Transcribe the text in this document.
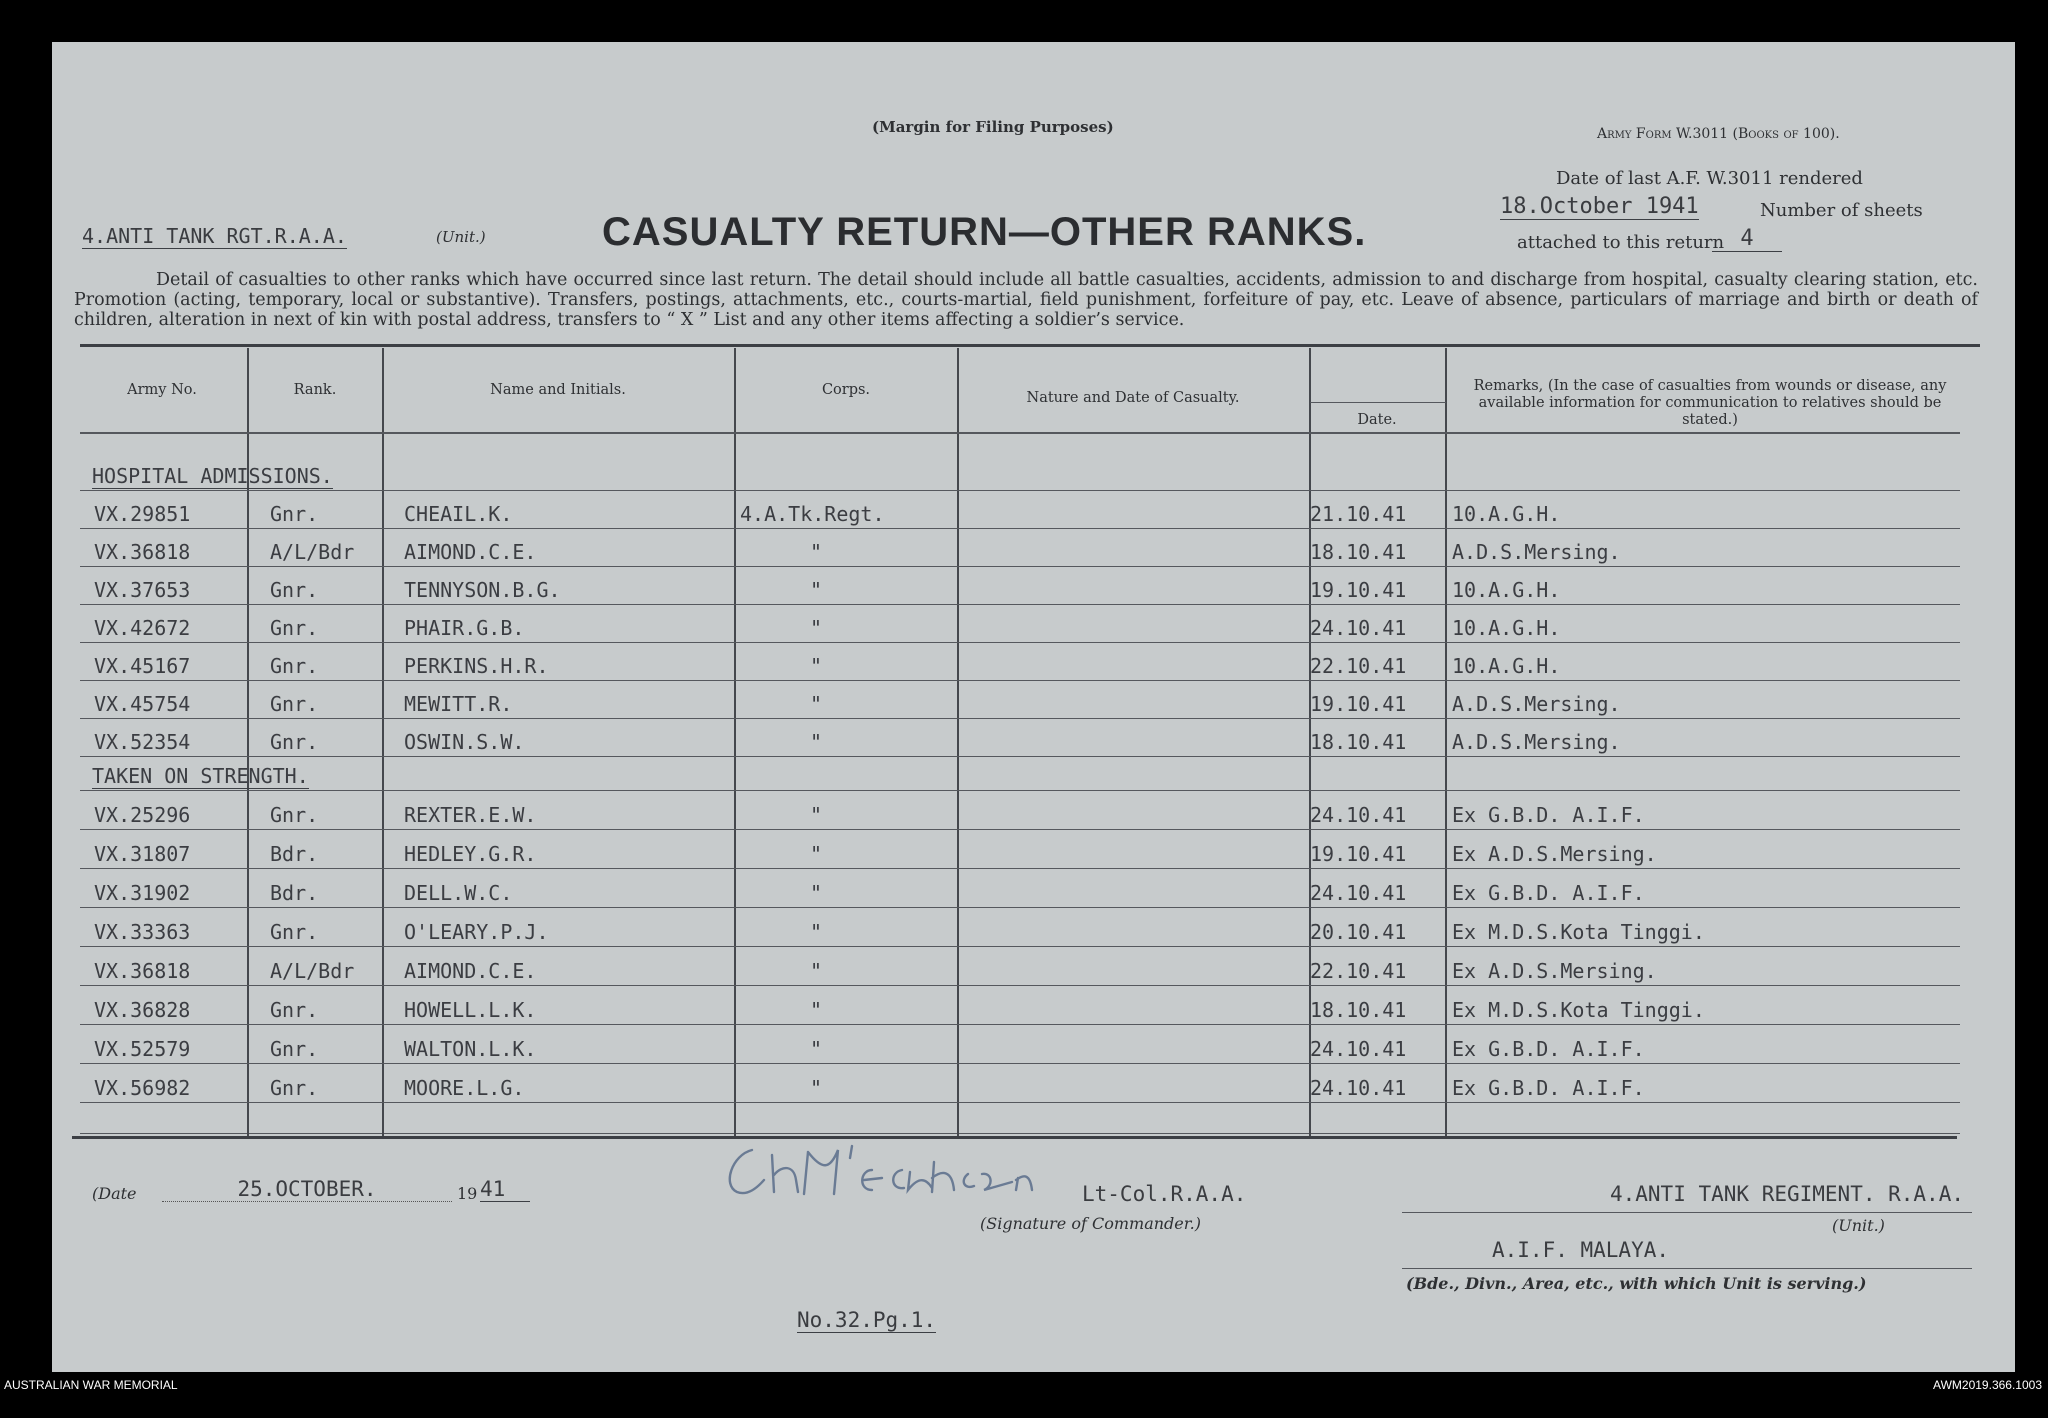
(Margin for Filing Purposes)	Army Form W.3011 (Books of 100).
Date of last A.F. W.3011 rendered
18.October 1941	Number of sheets
attached to this return 4
4.ANTI TANK RGT.R.A.A.	(Unit.)	CASUALTY RETURN—OTHER RANKS.
Detail of casualties to other ranks which have occurred since last return. The detail should include all battle casualties, accidents, admission to and discharge from hospital, casualty clearing station, etc. Promotion (acting, temporary, local or substantive). Transfers, postings, attachments, etc., courts-martial, field punishment, forfeiture of pay, etc. Leave of absence, particulars of marriage and birth or death of children, alteration in next of kin with postal address, transfers to “ X ” List and any other items affecting a soldier’s service.
Army No.	Rank.	Name and Initials.	Corps.	Nature and Date of Casualty.
Date.
Remarks, (In the case of casualties from wounds or disease, any available information for communication to relatives should be stated.)
HOSPITAL ADMISSIONS.
VX.29851	Gnr.	CHEAIL.K.	4.A.Tk.Regt.	21.10.41 10.A.G.H.
VX.36818	A/L/Bdr AIMOND.C.E.	"	18.10.41 A.D.S.Mersing.
VX.37653	Gnr.	TENNYSON.B.G.	"	19.10.41 10.A.G.H.
VX.42672	Gnr.	PHAIR.G.B.	"	24.10.41 10.A.G.H.
VX.45167	Gnr.	PERKINS.H.R.	"	22.10.41 10.A.G.H.
VX.45754	Gnr.	MEWITT.R.	"	19.10.41 A.D.S.Mersing.
VX.52354	Gnr.	OSWIN.S.W.	"	18.10.41 A.D.S.Mersing.
TAKEN ON STRENGTH.
VX.25296	Gnr.	REXTER.E.W.	"	24.10.41 Ex G.B.D. A.I.F.
VX.31807	Bdr.	HEDLEY.G.R.	"	19.10.41 Ex A.D.S.Mersing.
VX.31902	Bdr.	DELL.W.C.	"	24.10.41 Ex G.B.D. A.I.F.
VX.33363	Gnr.	O'LEARY.P.J.	"	20.10.41 Ex M.D.S.Kota Tinggi.
VX.36818	A/L/Bdr AIMOND.C.E.	"	22.10.41 Ex A.D.S.Mersing.
VX.36828	Gnr.	HOWELL.L.K.	"	18.10.41 Ex M.D.S.Kota Tinggi.
VX.52579	Gnr.	WALTON.L.K.	"	24.10.41 Ex G.B.D. A.I.F.
VX.56982	Gnr.	MOORE.L.G.	"	24.10.41 Ex G.B.D. A.I.F.
(Date	25.OCTOBER.	19 41	Lt-Col.R.A.A.
(Signature of Commander.)
4.ANTI TANK REGIMENT. R.A.A.
(Unit.)
A.I.F. MALAYA.
(Bde., Divn., Area, etc., with which Unit is serving.)
No.32.Pg.1.
AUSTRALIAN WAR MEMORIAL	AWM2019.366.1003
